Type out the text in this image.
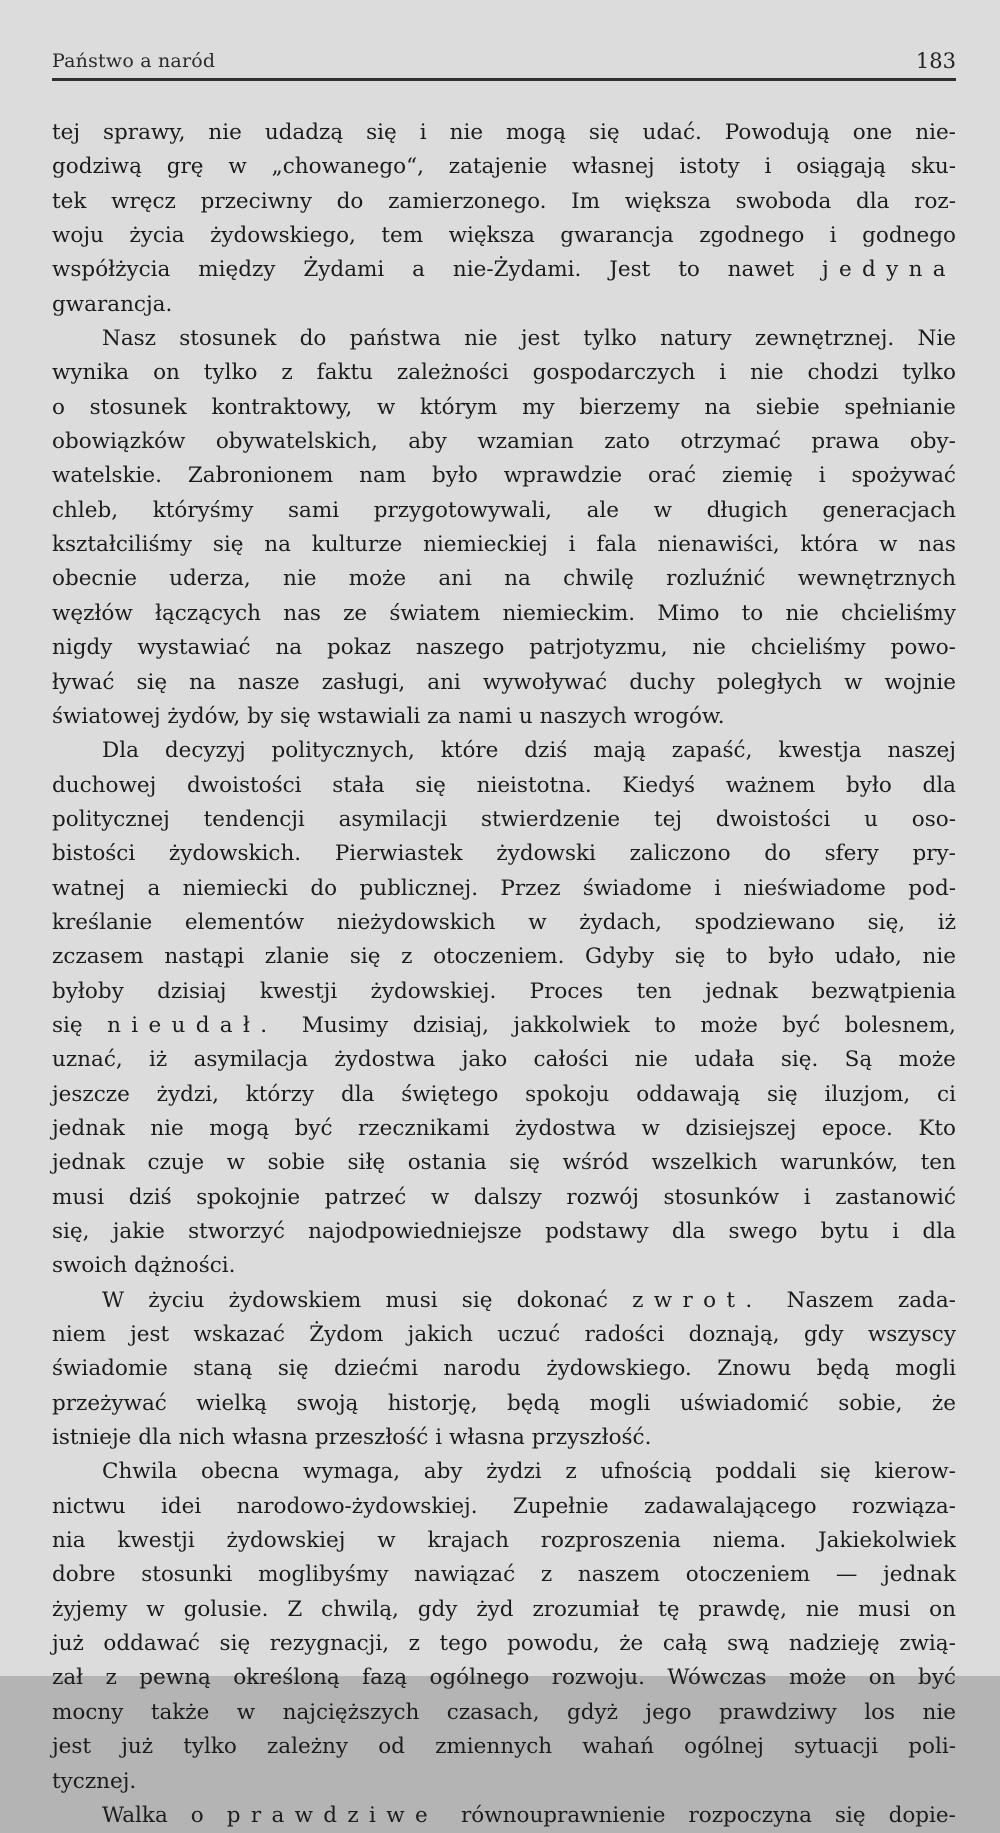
Państwo a naród	183
tej sprawy, nie udadzą się i nie mogą się udać. Powodują one nie-
godziwą grę w „chowanego“, zatajenie własnej istoty i osiągają sku-
tek wręcz przeciwny do zamierzonego. Im większa swoboda dla roz-
woju życia żydowskiego, tem większa gwarancja zgodnego i godnego
współżycia między Żydami a nie-Żydami. Jest to nawet jedyna
gwarancja.
Nasz stosunek do państwa nie jest tylko natury zewnętrznej. Nie
wynika on tylko z faktu zależności gospodarczych i nie chodzi tylko
o stosunek kontraktowy, w którym my bierzemy na siebie spełnianie
obowiązków obywatelskich, aby wzamian zato otrzymać prawa oby-
watelskie. Zabronionem nam było wprawdzie orać ziemię i spożywać
chleb, któryśmy sami przygotowywali, ale w długich generacjach
kształciliśmy się na kulturze niemieckiej i fala nienawiści, która w nas
obecnie uderza, nie może ani na chwilę rozluźnić wewnętrznych
węzłów łączących nas ze światem niemieckim. Mimo to nie chcieliśmy
nigdy wystawiać na pokaz naszego patrjotyzmu, nie chcieliśmy powo-
ływać się na nasze zasługi, ani wywoływać duchy poległych w wojnie
światowej żydów, by się wstawiali za nami u naszych wrogów.
Dla decyzyj politycznych, które dziś mają zapaść, kwestja naszej
duchowej dwoistości stała się nieistotna. Kiedyś ważnem było dla
politycznej tendencji asymilacji stwierdzenie tej dwoistości u oso-
bistości żydowskich. Pierwiastek żydowski zaliczono do sfery pry-
watnej a niemiecki do publicznej. Przez świadome i nieświadome pod-
kreślanie elementów nieżydowskich w żydach, spodziewano się, iż
zczasem nastąpi zlanie się z otoczeniem. Gdyby się to było udało, nie
byłoby dzisiaj kwestji żydowskiej. Proces ten jednak bezwątpienia
się nieudał. Musimy dzisiaj, jakkolwiek to może być bolesnem,
uznać, iż asymilacja żydostwa jako całości nie udała się. Są może
jeszcze żydzi, którzy dla świętego spokoju oddawają się iluzjom, ci
jednak nie mogą być rzecznikami żydostwa w dzisiejszej epoce. Kto
jednak czuje w sobie siłę ostania się wśród wszelkich warunków, ten
musi dziś spokojnie patrzeć w dalszy rozwój stosunków i zastanowić
się, jakie stworzyć najodpowiedniejsze podstawy dla swego bytu i dla
swoich dążności.
W życiu żydowskiem musi się dokonać zwrot. Naszem zada-
niem jest wskazać Żydom jakich uczuć radości doznają, gdy wszyscy
świadomie staną się dziećmi narodu żydowskiego. Znowu będą mogli
przeżywać wielką swoją historję, będą mogli uświadomić sobie, że
istnieje dla nich własna przeszłość i własna przyszłość.
Chwila obecna wymaga, aby żydzi z ufnością poddali się kierow-
nictwu idei narodowo-żydowskiej. Zupełnie zadawalającego rozwiąza-
nia kwestji żydowskiej w krajach rozproszenia niema. Jakiekolwiek
dobre stosunki moglibyśmy nawiązać z naszem otoczeniem — jednak
żyjemy w golusie. Z chwilą, gdy żyd zrozumiał tę prawdę, nie musi on
już oddawać się rezygnacji, z tego powodu, że całą swą nadzieję zwią-
zał z pewną określoną fazą ogólnego rozwoju. Wówczas może on być
mocny także w najcięższych czasach, gdyż jego prawdziwy los nie
jest już tylko zależny od zmiennych wahań ogólnej sytuacji poli-
tycznej.
Walka o prawdziwe równouprawnienie rozpoczyna się dopie-
